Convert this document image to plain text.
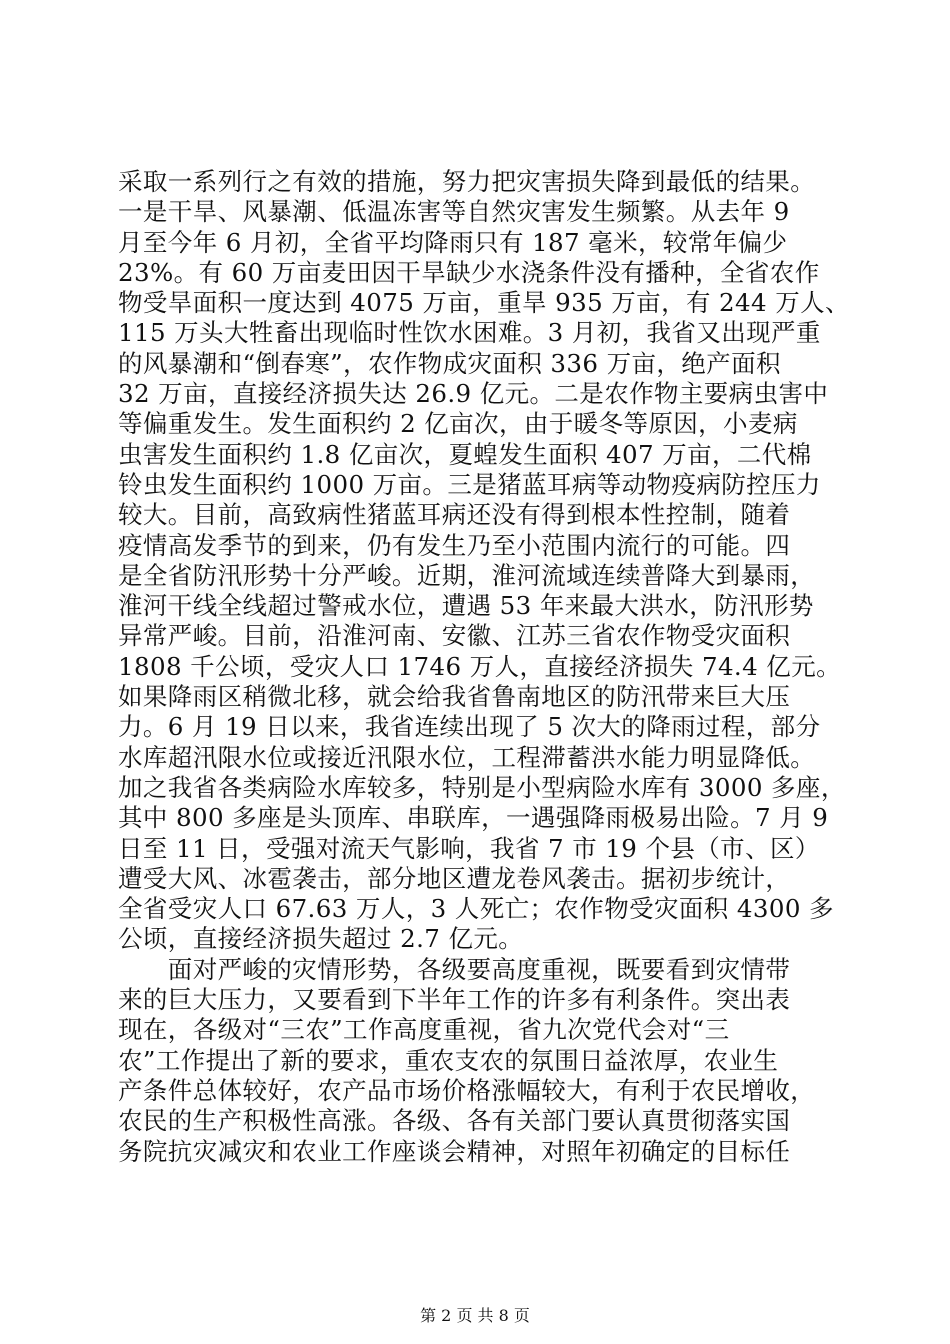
采取一系列行之有效的措施，努力把灾害损失降到最低的结果。
一是干旱、风暴潮、低温冻害等自然灾害发生频繁。从去年 9
月至今年 6 月初，全省平均降雨只有 187 毫米，较常年偏少
23%。有 60 万亩麦田因干旱缺少水浇条件没有播种，全省农作
物受旱面积一度达到 4075 万亩，重旱 935 万亩，有 244 万人、
115 万头大牲畜出现临时性饮水困难。3 月初，我省又出现严重
的风暴潮和“倒春寒”，农作物成灾面积 336 万亩，绝产面积
32 万亩，直接经济损失达 26.9 亿元。二是农作物主要病虫害中
等偏重发生。发生面积约 2 亿亩次，由于暖冬等原因，小麦病
虫害发生面积约 1.8 亿亩次，夏蝗发生面积 407 万亩，二代棉
铃虫发生面积约 1000 万亩。三是猪蓝耳病等动物疫病防控压力
较大。目前，高致病性猪蓝耳病还没有得到根本性控制，随着
疫情高发季节的到来，仍有发生乃至小范围内流行的可能。四
是全省防汛形势十分严峻。近期，淮河流域连续普降大到暴雨，
淮河干线全线超过警戒水位，遭遇 53 年来最大洪水，防汛形势
异常严峻。目前，沿淮河南、安徽、江苏三省农作物受灾面积
1808 千公顷，受灾人口 1746 万人，直接经济损失 74.4 亿元。
如果降雨区稍微北移，就会给我省鲁南地区的防汛带来巨大压
力。6 月 19 日以来，我省连续出现了 5 次大的降雨过程，部分
水库超汛限水位或接近汛限水位，工程滞蓄洪水能力明显降低。
加之我省各类病险水库较多，特别是小型病险水库有 3000 多座，
其中 800 多座是头顶库、串联库，一遇强降雨极易出险。7 月 9
日至 11 日，受强对流天气影响，我省 7 市 19 个县（市、区）
遭受大风、冰雹袭击，部分地区遭龙卷风袭击。据初步统计，
全省受灾人口 67.63 万人，3 人死亡；农作物受灾面积 4300 多
公顷，直接经济损失超过 2.7 亿元。
　　面对严峻的灾情形势，各级要高度重视，既要看到灾情带
来的巨大压力，又要看到下半年工作的许多有利条件。突出表
现在，各级对“三农”工作高度重视，省九次党代会对“三
农”工作提出了新的要求，重农支农的氛围日益浓厚，农业生
产条件总体较好，农产品市场价格涨幅较大，有利于农民增收，
农民的生产积极性高涨。各级、各有关部门要认真贯彻落实国
务院抗灾减灾和农业工作座谈会精神，对照年初确定的目标任
第 2 页 共 8 页
